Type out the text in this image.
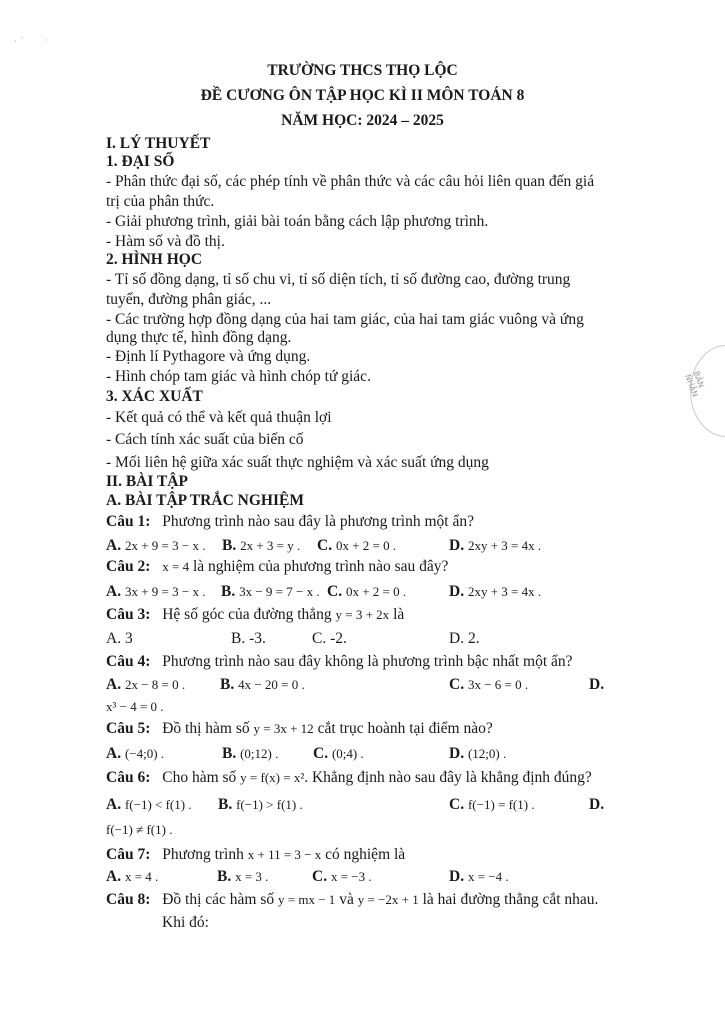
⸱ ´ ·
BẢN NHẬN
TRƯỜNG THCS THỌ LỘC
ĐỀ CƯƠNG ÔN TẬP HỌC KÌ II MÔN TOÁN 8
NĂM HỌC: 2024 – 2025
I. LÝ THUYẾT
1. ĐẠI SỐ
- Phân thức đại số, các phép tính về phân thức và các câu hỏi liên quan đến giá
trị của phân thức.
- Giải phương trình, giải bài toán bằng cách lập phương trình.
- Hàm số và đồ thị.
2. HÌNH HỌC
- Tỉ số đồng dạng, tỉ số chu vi, tỉ số diện tích, tỉ số đường cao, đường trung
tuyến, đường phân giác, ...
- Các trường hợp đồng dạng của hai tam giác, của hai tam giác vuông và ứng
dụng thực tế, hình đồng dạng.
- Định lí Pythagore và ứng dụng.
- Hình chóp tam giác và hình chóp tứ giác.
3. XÁC XUẤT
- Kết quả có thể và kết quả thuận lợi
- Cách tính xác suất của biến cố
- Mối liên hệ giữa xác suất thực nghiệm và xác suất ứng dụng
II. BÀI TẬP
A. BÀI TẬP TRẮC NGHIỆM
Câu 1: Phương trình nào sau đây là phương trình một ẩn?
A. 2x + 9 = 3 − x . B. 2x + 3 = y . C. 0x + 2 = 0 .	D. 2xy + 3 = 4x .
Câu 2: x = 4 là nghiệm của phương trình nào sau đây?
A. 3x + 9 = 3 − x . B. 3x − 9 = 7 − x . C. 0x + 2 = 0 .	D. 2xy + 3 = 4x .
Câu 3: Hệ số góc của đường thẳng y = 3 + 2x là
A. 3	B. -3.	C. -2.	D. 2.
Câu 4: Phương trình nào sau đây không là phương trình bậc nhất một ẩn?
A. 2x − 8 = 0 . B. 4x − 20 = 0 .	C. 3x − 6 = 0 .	D.
x³ − 4 = 0 .
Câu 5: Đồ thị hàm số y = 3x + 12 cắt trục hoành tại điểm nào?
A. (−4;0) .	B. (0;12) . C. (0;4) .	D. (12;0) .
Câu 6: Cho hàm số y = f(x) = x². Khẳng định nào sau đây là khẳng định đúng?
A. f(−1) < f(1) . B. f(−1) > f(1) .	C. f(−1) = f(1) .	D.
f(−1) ≠ f(1) .
Câu 7: Phương trình x + 11 = 3 − x có nghiệm là
A. x = 4 .	B. x = 3 .	C. x = −3 .	D. x = −4 .
Câu 8: Đồ thị các hàm số y = mx − 1 và y = −2x + 1 là hai đường thẳng cắt nhau.
Khi đó:
